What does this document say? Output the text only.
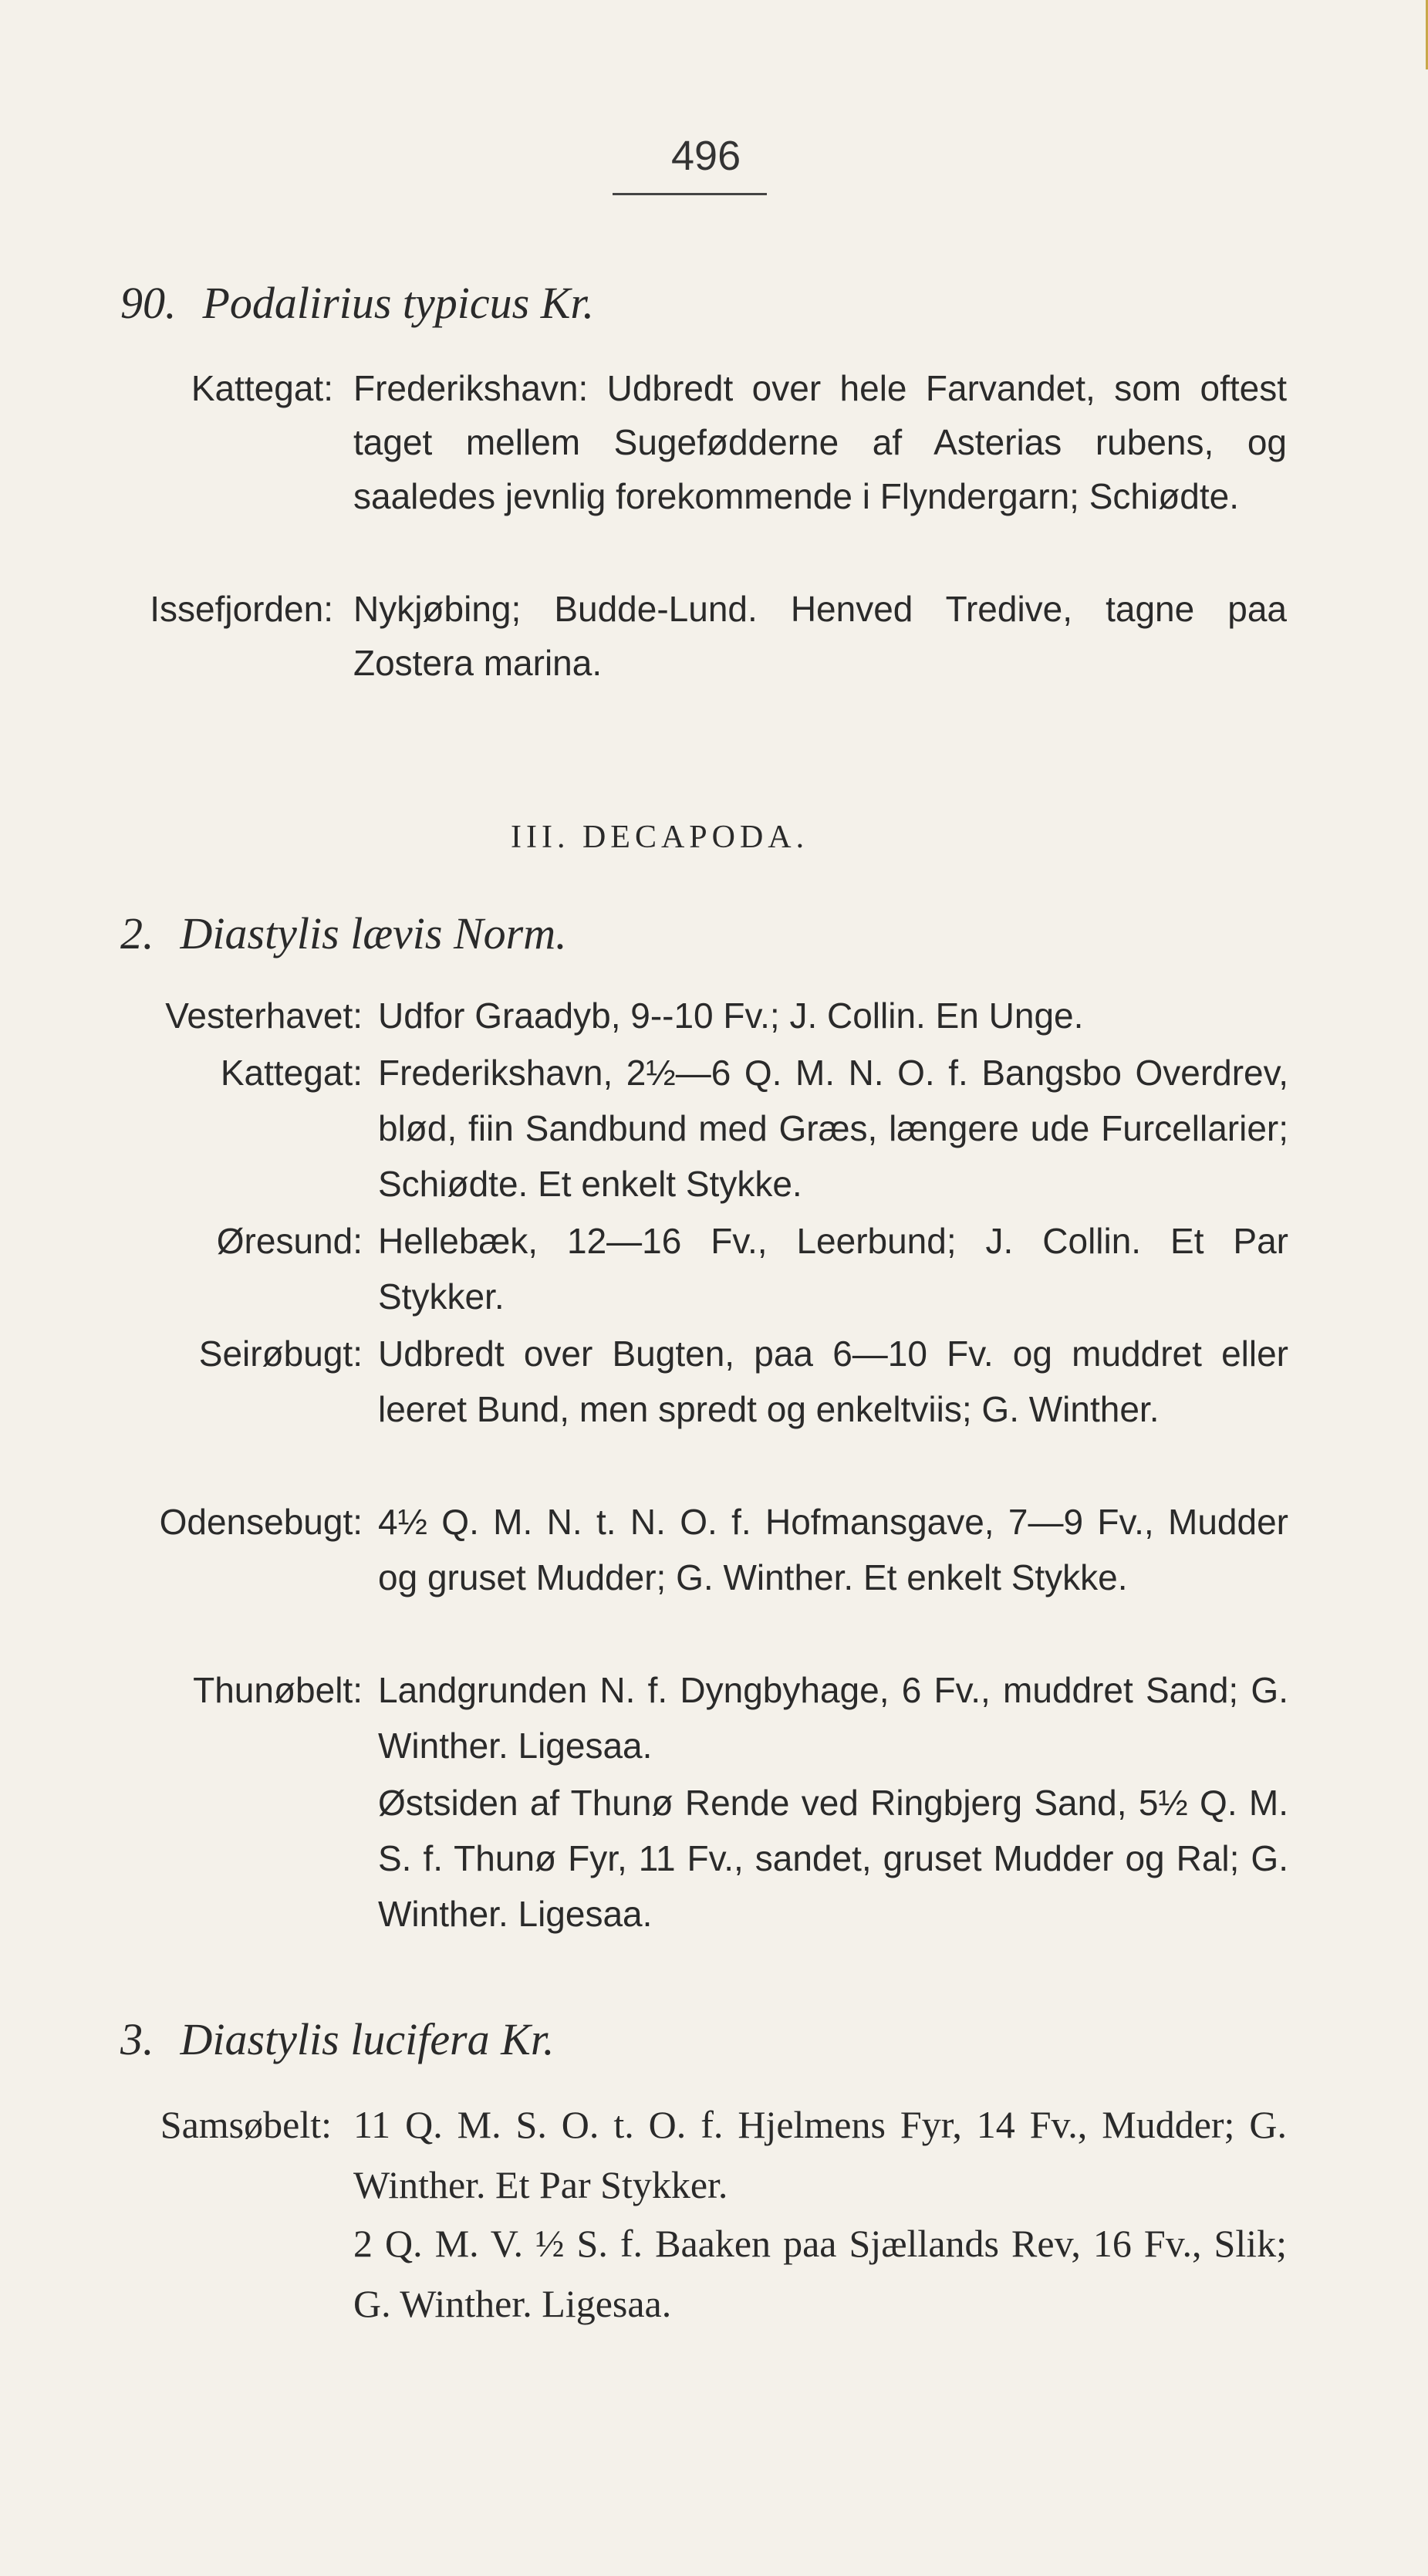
496
90. Podalirius typicus Kr.
Kattegat: Frederikshavn: Udbredt over hele Farvandet, som oftest taget mellem Sugefødderne af Asterias rubens, og saaledes jevnlig forekommende i Flyndergarn; Schiødte.
Issefjorden: Nykjøbing; Budde-Lund. Henved Tredive, tagne paa Zostera marina.
III. DECAPODA.
2. Diastylis lævis Norm.
Vesterhavet: Udfor Graadyb, 9--10 Fv.; J. Collin. En Unge.
Kattegat: Frederikshavn, 2½—6 Q. M. N. O. f. Bangsbo Overdrev, blød, fiin Sandbund med Græs, længere ude Furcellarier; Schiødte. Et enkelt Stykke.
Øresund: Hellebæk, 12—16 Fv., Leerbund; J. Collin. Et Par Stykker.
Seirøbugt: Udbredt over Bugten, paa 6—10 Fv. og muddret eller leeret Bund, men spredt og enkeltviis; G. Winther.
Odensebugt: 4½ Q. M. N. t. N. O. f. Hofmansgave, 7—9 Fv., Mudder og gruset Mudder; G. Winther. Et enkelt Stykke.
Thunøbelt: Landgrunden N. f. Dyngbyhage, 6 Fv., muddret Sand; G. Winther. Ligesaa.
Østsiden af Thunø Rende ved Ringbjerg Sand, 5½ Q. M. S. f. Thunø Fyr, 11 Fv., sandet, gruset Mudder og Ral; G. Winther. Ligesaa.
3. Diastylis lucifera Kr.
Samsøbelt: 11 Q. M. S. O. t. O. f. Hjelmens Fyr, 14 Fv., Mudder; G. Winther. Et Par Stykker.
2 Q. M. V. ½ S. f. Baaken paa Sjællands Rev, 16 Fv., Slik; G. Winther. Ligesaa.
